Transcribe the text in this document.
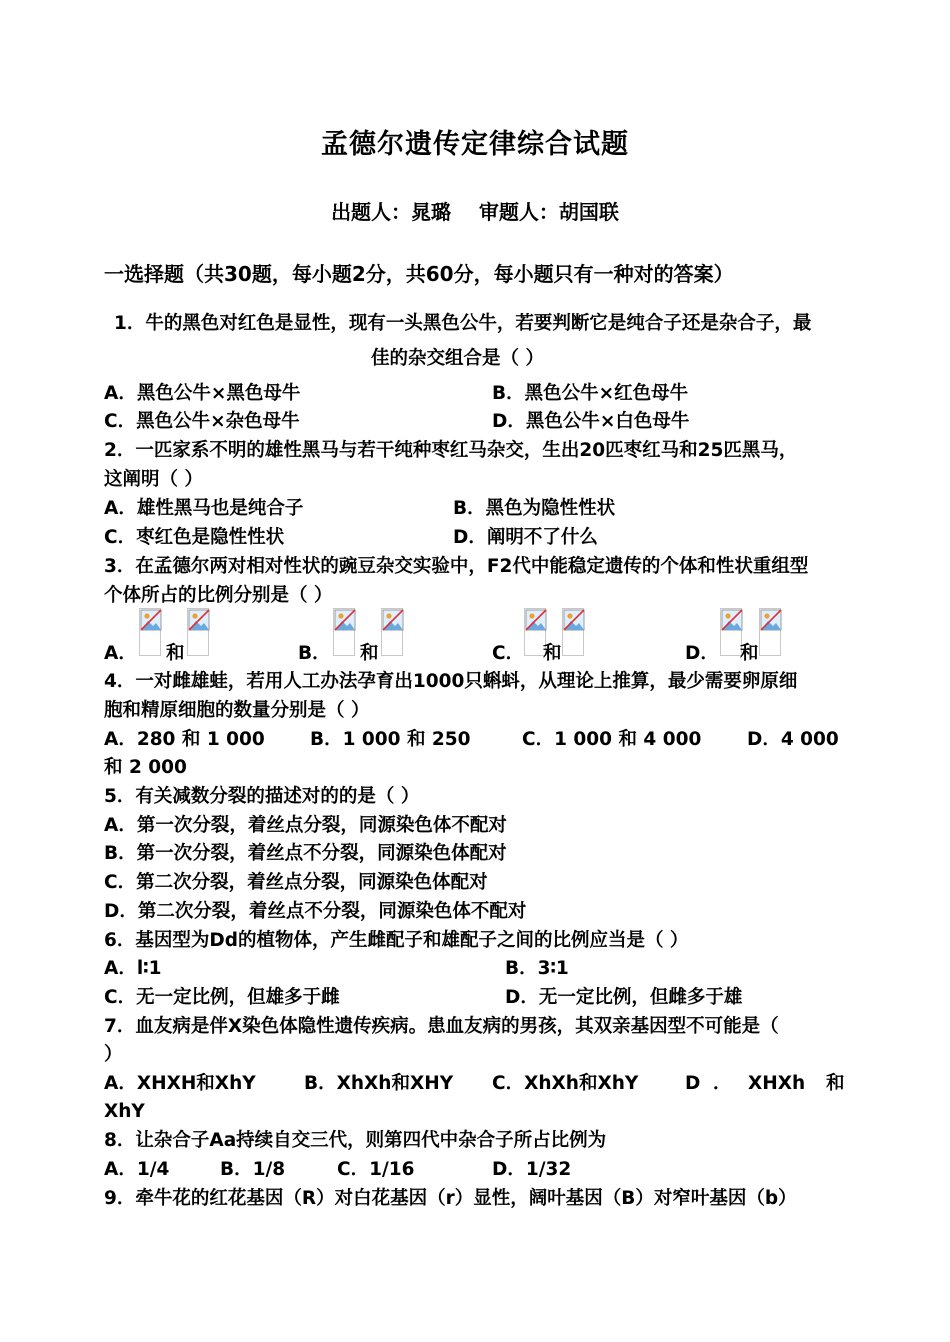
孟德尔遗传定律综合试题
出题人：晁璐    审题人：胡国联
一选择题（共30题，每小题2分，共60分，每小题只有一种对的答案）
1．牛的黑色对红色是显性，现有一头黑色公牛，若要判断它是纯合子还是杂合子，最
佳的杂交组合是（ ）
A．黑色公牛×黑色母牛	B．黑色公牛×红色母牛
C．黑色公牛×杂色母牛	D．黑色公牛×白色母牛
2．一匹家系不明的雄性黑马与若干纯种枣红马杂交，生出20匹枣红马和25匹黑马，
这阐明（ ）
A．雄性黑马也是纯合子	B．黑色为隐性性状
C．枣红色是隐性性状	D．阐明不了什么
3．在孟德尔两对相对性状的豌豆杂交实验中，F2代中能稳定遗传的个体和性状重组型
个体所占的比例分别是（ ）
A． 和	B． 和	C． 和	D． 和
4．一对雌雄蛙，若用人工办法孕育出1000只蝌蚪，从理论上推算，最少需要卵原细
胞和精原细胞的数量分别是（ ）
A．280 和 1 000 B．1 000 和 250	C．1 000 和 4 000 D．4 000
和 2 000
5．有关减数分裂的描述对的的是（ ）
A．第一次分裂，着丝点分裂，同源染色体不配对
B．第一次分裂，着丝点不分裂，同源染色体配对
C．第二次分裂，着丝点分裂，同源染色体配对
D．第二次分裂，着丝点不分裂，同源染色体不配对
6．基因型为Dd的植物体，产生雌配子和雄配子之间的比例应当是（ ）
A．l∶1	B．3∶1
C．无一定比例，但雄多于雌	D．无一定比例，但雌多于雄
7．血友病是伴X染色体隐性遗传疾病。患血友病的男孩，其双亲基因型不可能是（
）
A．XHXH和XhY	B．XhXh和XHY C．XhXh和XhY	D ． XHXh 和
XhY
8．让杂合子Aa持续自交三代，则第四代中杂合子所占比例为
A．1/4	B．1/8	C．1/16	D．1/32
9．牵牛花的红花基因（R）对白花基因（r）显性，阔叶基因（B）对窄叶基因（b）
